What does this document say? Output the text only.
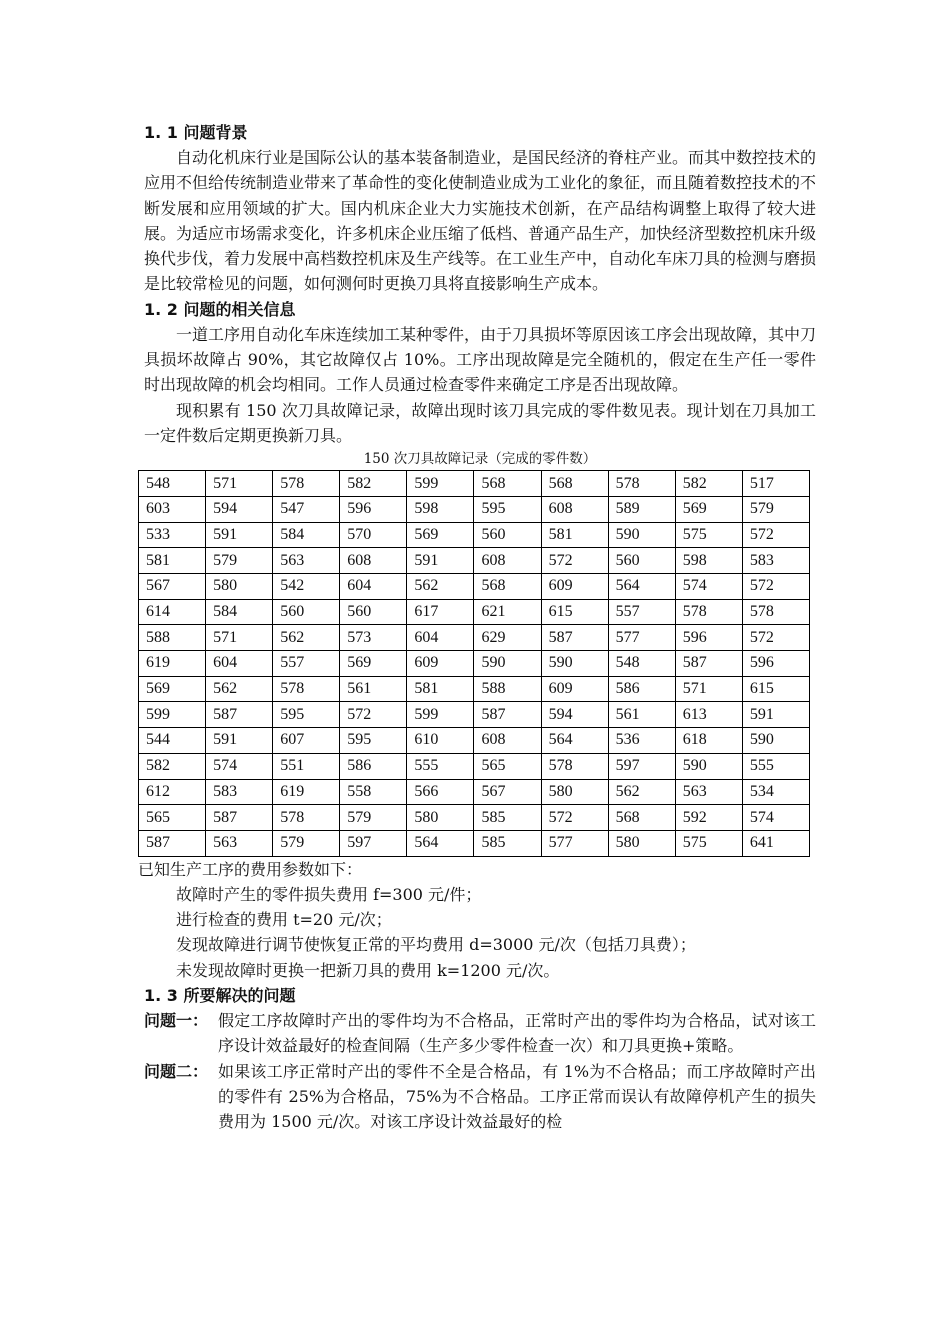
1. 1 问题背景

自动化机床行业是国际公认的基本装备制造业，是国民经济的脊柱产业。而其中数控技术的应用不但给传统制造业带来了革命性的变化使制造业成为工业化的象征，而且随着数控技术的不断发展和应用领域的扩大。国内机床企业大力实施技术创新，在产品结构调整上取得了较大进展。为适应市场需求变化，许多机床企业压缩了低档、普通产品生产，加快经济型数控机床升级换代步伐，着力发展中高档数控机床及生产线等。在工业生产中，自动化车床刀具的检测与磨损是比较常检见的问题，如何测何时更换刀具将直接影响生产成本。

1. 2 问题的相关信息

一道工序用自动化车床连续加工某种零件，由于刀具损坏等原因该工序会出现故障，其中刀具损坏故障占 90%，其它故障仅占 10%。工序出现故障是完全随机的，假定在生产任一零件时出现故障的机会均相同。工作人员通过检查零件来确定工序是否出现故障。

现积累有 150 次刀具故障记录，故障出现时该刀具完成的零件数见表。现计划在刀具加工一定件数后定期更换新刀具。

150 次刀具故障记录（完成的零件数）

548	571	578	582	599	568	568	578	582	517
603	594	547	596	598	595	608	589	569	579
533	591	584	570	569	560	581	590	575	572
581	579	563	608	591	608	572	560	598	583
567	580	542	604	562	568	609	564	574	572
614	584	560	560	617	621	615	557	578	578
588	571	562	573	604	629	587	577	596	572
619	604	557	569	609	590	590	548	587	596
569	562	578	561	581	588	609	586	571	615
599	587	595	572	599	587	594	561	613	591
544	591	607	595	610	608	564	536	618	590
582	574	551	586	555	565	578	597	590	555
612	583	619	558	566	567	580	562	563	534
565	587	578	579	580	585	572	568	592	574
587	563	579	597	564	585	577	580	575	641

已知生产工序的费用参数如下：

故障时产生的零件损失费用 f=300 元/件；

进行检查的费用 t=20 元/次；

发现故障进行调节使恢复正常的平均费用 d=3000 元/次（包括刀具费）；

未发现故障时更换一把新刀具的费用 k=1200 元/次。

1. 3 所要解决的问题

问题一： 假定工序故障时产出的零件均为不合格品，正常时产出的零件均为合格品，试对该工序设计效益最好的检查间隔（生产多少零件检查一次）和刀具更换+策略。
问题二： 如果该工序正常时产出的零件不全是合格品，有 1%为不合格品；而工序故障时产出的零件有 25%为合格品，75%为不合格品。工序正常而误认有故障停机产生的损失费用为 1500 元/次。对该工序设计效益最好的检
